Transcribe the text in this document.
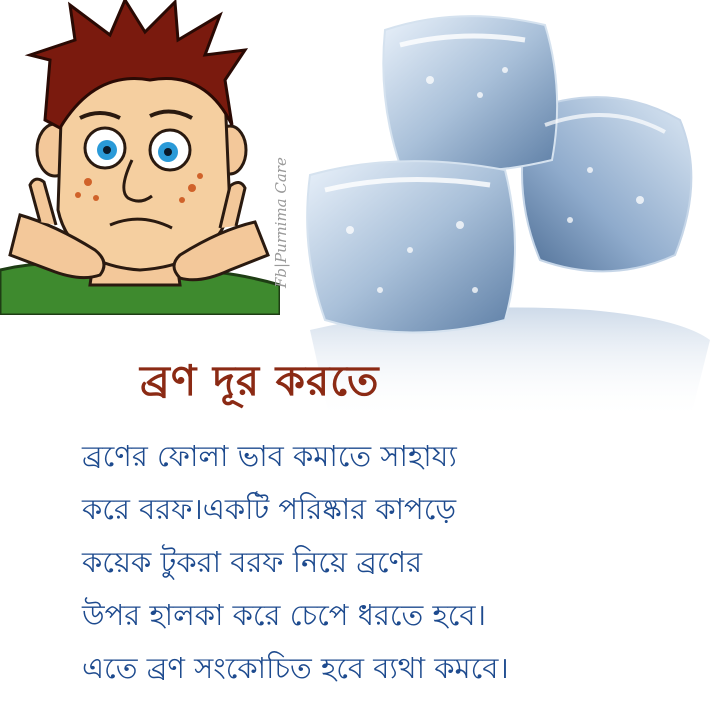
Fb|Purnima Care
ব্রণ দূর করতে
ব্রণের ফোলা ভাব কমাতে সাহায্য
করে বরফ।একটি পরিষ্কার কাপড়ে
কয়েক টুকরা বরফ নিয়ে ব্রণের
উপর হালকা করে চেপে ধরতে হবে।
এতে ব্রণ সংকোচিত হবে ব্যথা কমবে।
